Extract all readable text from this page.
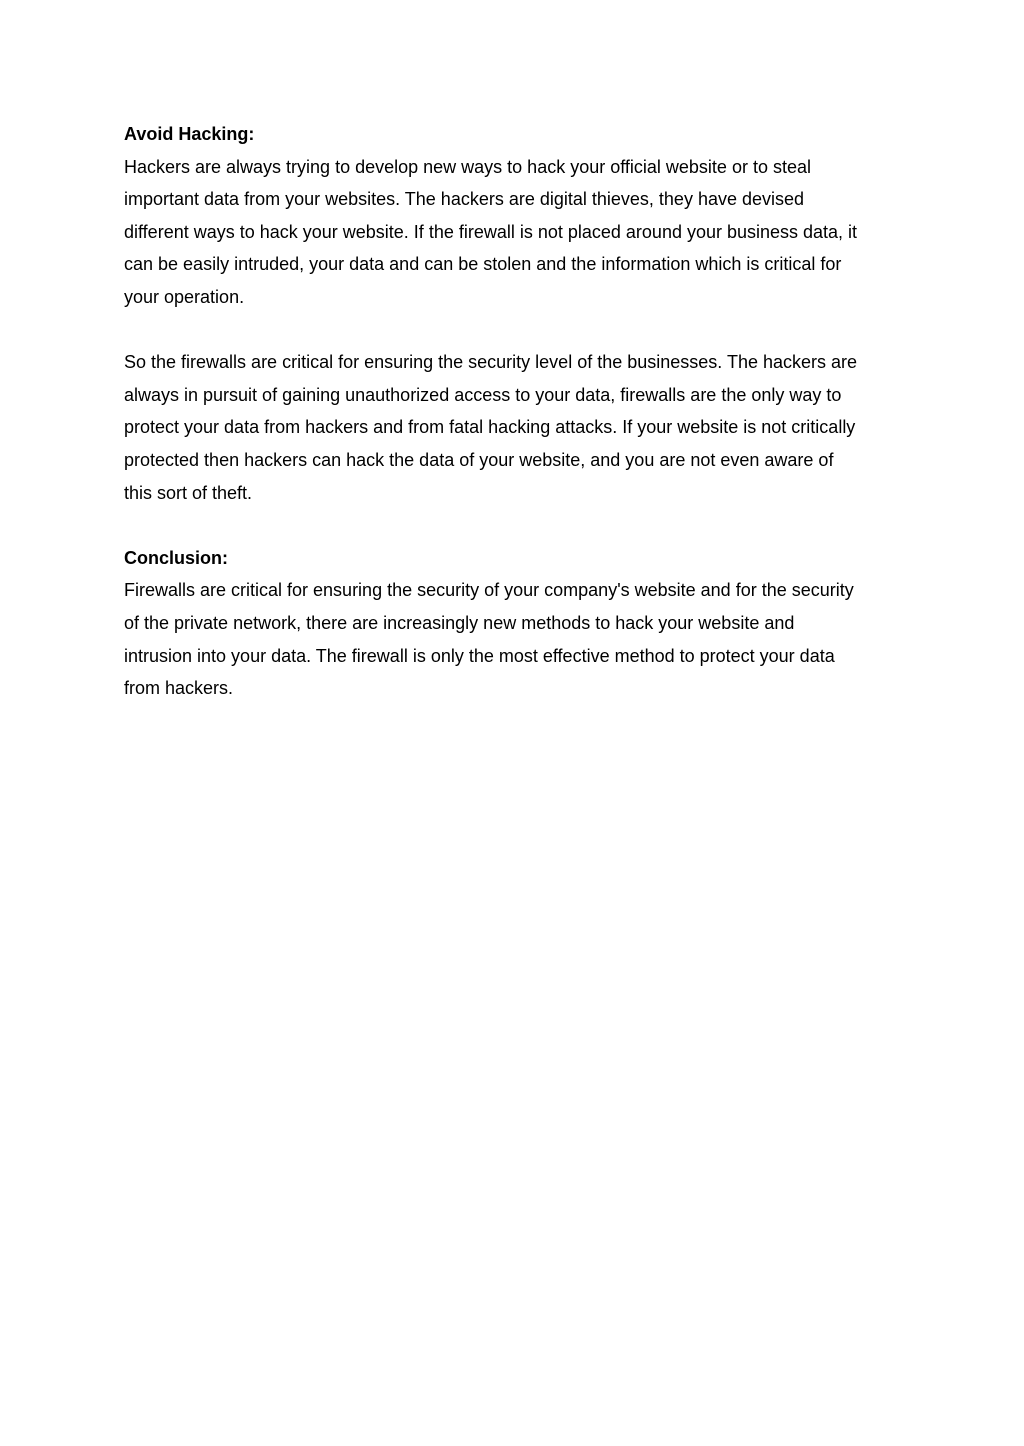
Avoid Hacking:
Hackers are always trying to develop new ways to hack your official website or to steal
important data from your websites. The hackers are digital thieves, they have devised
different ways to hack your website. If the firewall is not placed around your business data, it
can be easily intruded, your data and can be stolen and the information which is critical for
your operation.
So the firewalls are critical for ensuring the security level of the businesses. The hackers are
always in pursuit of gaining unauthorized access to your data, firewalls are the only way to
protect your data from hackers and from fatal hacking attacks. If your website is not critically
protected then hackers can hack the data of your website, and you are not even aware of
this sort of theft.
Conclusion:
Firewalls are critical for ensuring the security of your company's website and for the security
of the private network, there are increasingly new methods to hack your website and
intrusion into your data. The firewall is only the most effective method to protect your data
from hackers.
